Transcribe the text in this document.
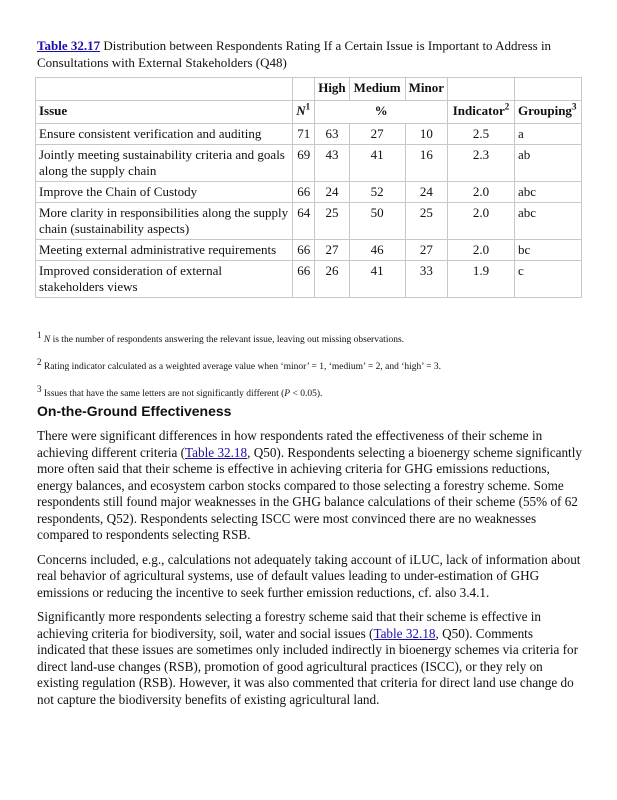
Table 32.17 Distribution between Respondents Rating If a Certain Issue is Important to Address in Consultations with External Stakeholders (Q48)
		High	Medium	Minor		
Issue	$N^1$	%			Indicator$^2$	Grouping$^3$
Ensure consistent verification and auditing	71	63	27	10	2.5	a
Jointly meeting sustainability criteria and goals along the supply chain	69	43	41	16	2.3	ab
Improve the Chain of Custody	66	24	52	24	2.0	abc
More clarity in responsibilities along the supply chain (sustainability aspects)	64	25	50	25	2.0	abc
Meeting external administrative requirements	66	27	46	27	2.0	bc
Improved consideration of external stakeholders views	66	26	41	33	1.9	c

$^1$ N is the number of respondents answering the relevant issue, leaving out missing observations.

$^2$ Rating indicator calculated as a weighted average value when ‘minor’ = 1, ‘medium’ = 2, and ‘high’ = 3.

$^3$ Issues that have the same letters are not significantly different (P < 0.05).

On-the-Ground Effectiveness

There were significant differences in how respondents rated the effectiveness of their scheme in achieving different criteria (Table 32.18, Q50). Respondents selecting a bioenergy scheme significantly more often said that their scheme is effective in achieving criteria for GHG emissions reductions, energy balances, and ecosystem carbon stocks compared to those selecting a forestry scheme. Some respondents still found major weaknesses in the GHG balance calculations of their scheme (55% of 62 respondents, Q52). Respondents selecting ISCC were most convinced there are no weaknesses compared to respondents selecting RSB.

Concerns included, e.g., calculations not adequately taking account of iLUC, lack of information about real behavior of agricultural systems, use of default values leading to under-estimation of GHG emissions or reducing the incentive to seek further emission reductions, cf. also 3.4.1.

Significantly more respondents selecting a forestry scheme said that their scheme is effective in achieving criteria for biodiversity, soil, water and social issues (Table 32.18, Q50). Comments indicated that these issues are sometimes only included indirectly in bioenergy schemes via criteria for direct land-use changes (RSB), promotion of good agricultural practices (ISCC), or they rely on existing regulation (RSB). However, it was also commented that criteria for direct land use change do not capture the biodiversity benefits of existing agricultural land.
